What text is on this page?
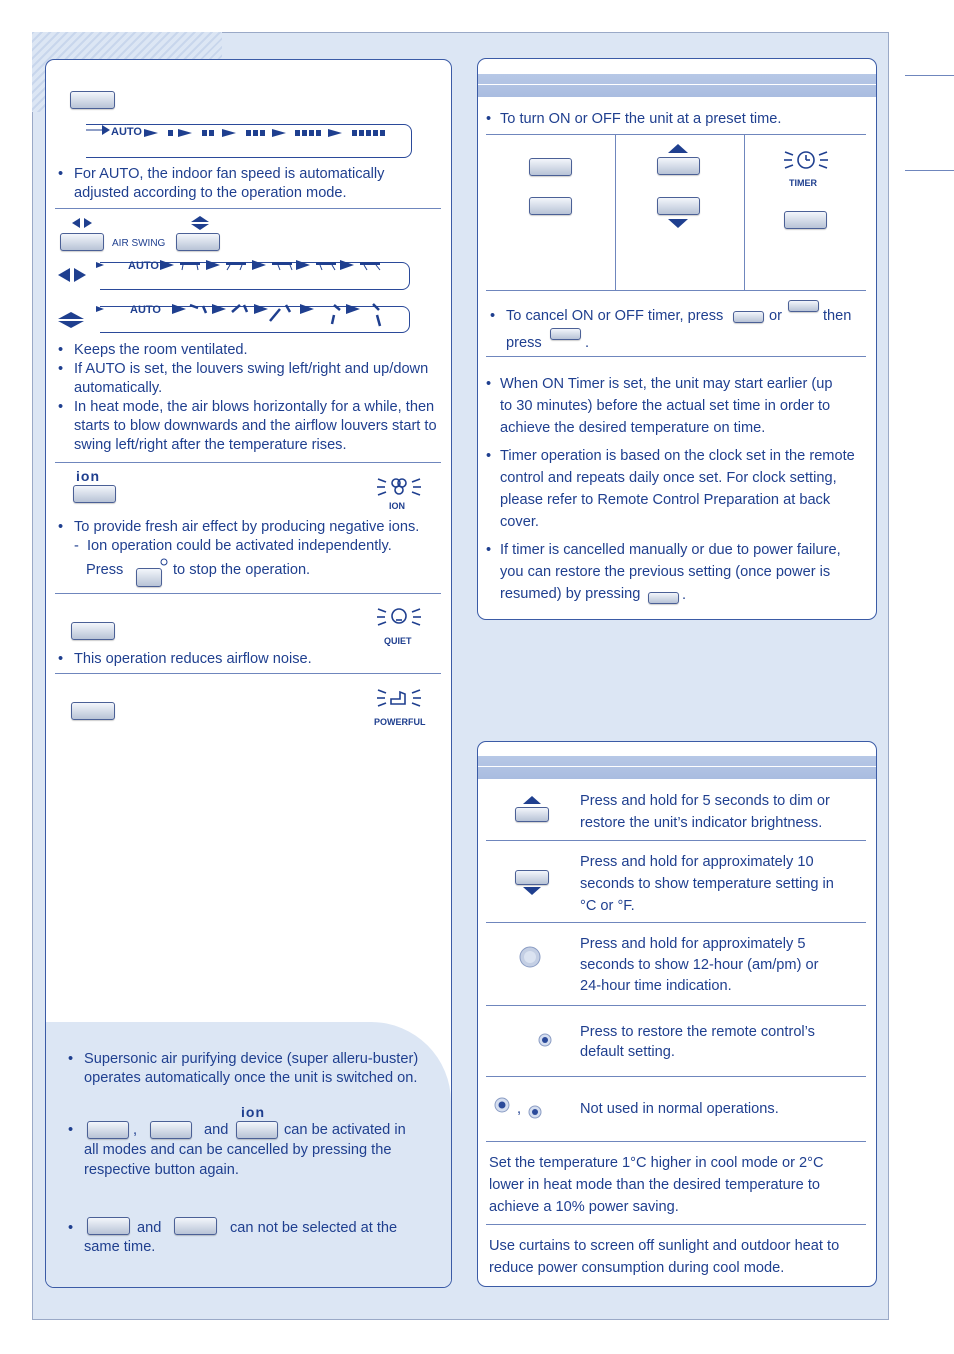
AUTO
• For AUTO, the indoor fan speed is automatically adjusted according to the operation mode.
AIR SWING
AUTO
AUTO
• Keeps the room ventilated.
• If AUTO is set, the louvers swing left/right and up/down automatically.
• In heat mode, the air blows horizontally for a while, then starts to blow downwards and the airflow louvers start to swing left/right after the temperature rises.
ion
ION
• To provide fresh air effect by producing negative ions.
-  Ion operation could be activated independently.
Press	to stop the operation.
QUIET
• This operation reduces airflow noise.
POWERFUL
• Supersonic air purifying device (super alleru-buster) operates automatically once the unit is switched on.
ion
•	,	and	can be activated in
all modes and can be cancelled by pressing the
respective button again.
•	and	can not be selected at the
same time.
• To turn ON or OFF the unit at a preset time.
TIMER
• To cancel ON or OFF timer, press	or	then
press	.
• When ON Timer is set, the unit may start earlier (up
to 30 minutes) before the actual set time in order to
achieve the desired temperature on time.
• Timer operation is based on the clock set in the remote
control and repeats daily once set. For clock setting,
please refer to Remote Control Preparation at back
cover.
• If timer is cancelled manually or due to power failure,
you can restore the previous setting (once power is
resumed) by pressing	.
Press and hold for 5 seconds to dim or
restore the unit’s indicator brightness.
Press and hold for approximately 10
seconds to show temperature setting in
°C or °F.
Press and hold for approximately 5
seconds to show 12-hour (am/pm) or
24-hour time indication.
Press to restore the remote control’s
default setting.
,	Not used in normal operations.
Set the temperature 1°C higher in cool mode or 2°C
lower in heat mode than the desired temperature to
achieve a 10% power saving.
Use curtains to screen off sunlight and outdoor heat to
reduce power consumption during cool mode.
